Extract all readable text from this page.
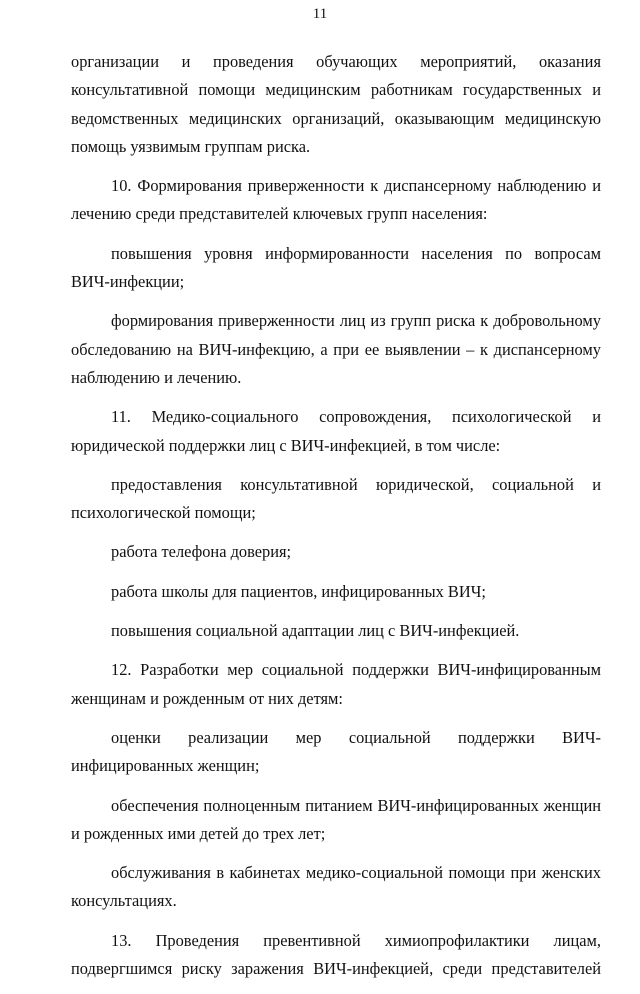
11

организации и проведения обучающих мероприятий, оказания консультативной помощи медицинским работникам государственных и ведомственных медицинских организаций, оказывающим медицинскую помощь уязвимым группам риска.

10. Формирования приверженности к диспансерному наблюдению и лечению среди представителей ключевых групп населения:

повышения уровня информированности населения по вопросам ВИЧ-инфекции;

формирования приверженности лиц из групп риска к добровольному обследованию на ВИЧ-инфекцию, а при ее выявлении – к диспансерному наблюдению и лечению.

11. Медико-социального сопровождения, психологической и юридической поддержки лиц с ВИЧ-инфекцией, в том числе:

предоставления консультативной юридической, социальной и психологической помощи;

работа телефона доверия;

работа школы для пациентов, инфицированных ВИЧ;

повышения социальной адаптации лиц с ВИЧ-инфекцией.

12. Разработки мер социальной поддержки ВИЧ-инфицированным женщинам и рожденным от них детям:

оценки реализации мер социальной поддержки ВИЧ-инфицированных женщин;

обеспечения полноценным питанием ВИЧ-инфицированных женщин и рожденных ими детей до трех лет;

обслуживания в кабинетах медико-социальной помощи при женских консультациях.

13. Проведения превентивной химиопрофилактики лицам, подвергшимся риску заражения ВИЧ-инфекцией, среди представителей
